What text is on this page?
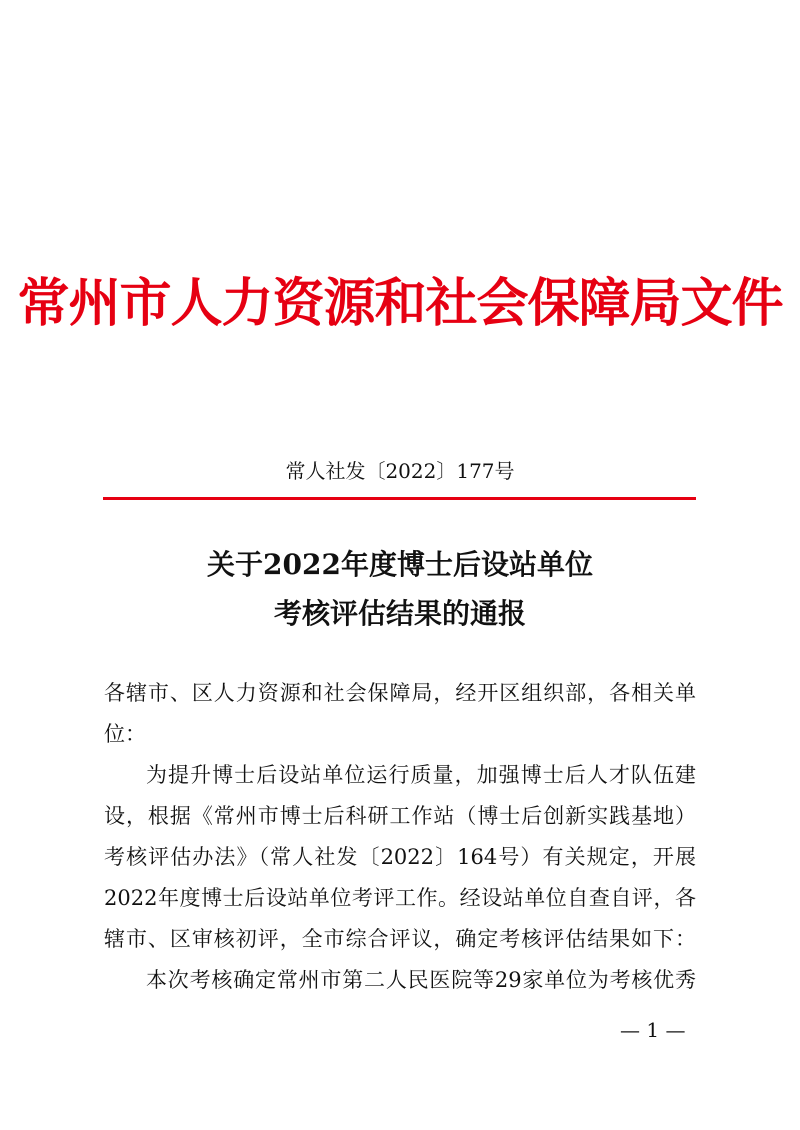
常州市人力资源和社会保障局文件
常人社发〔2022〕177号
关于2022年度博士后设站单位
考核评估结果的通报
各辖市、区人力资源和社会保障局，经开区组织部，各相关单
位：
为提升博士后设站单位运行质量，加强博士后人才队伍建
设，根据《常州市博士后科研工作站（博士后创新实践基地）
考核评估办法》（常人社发〔2022〕164号）有关规定，开展
2022年度博士后设站单位考评工作。经设站单位自查自评，各
辖市、区审核初评，全市综合评议，确定考核评估结果如下：
本次考核确定常州市第二人民医院等29家单位为考核优秀
— 1 —
